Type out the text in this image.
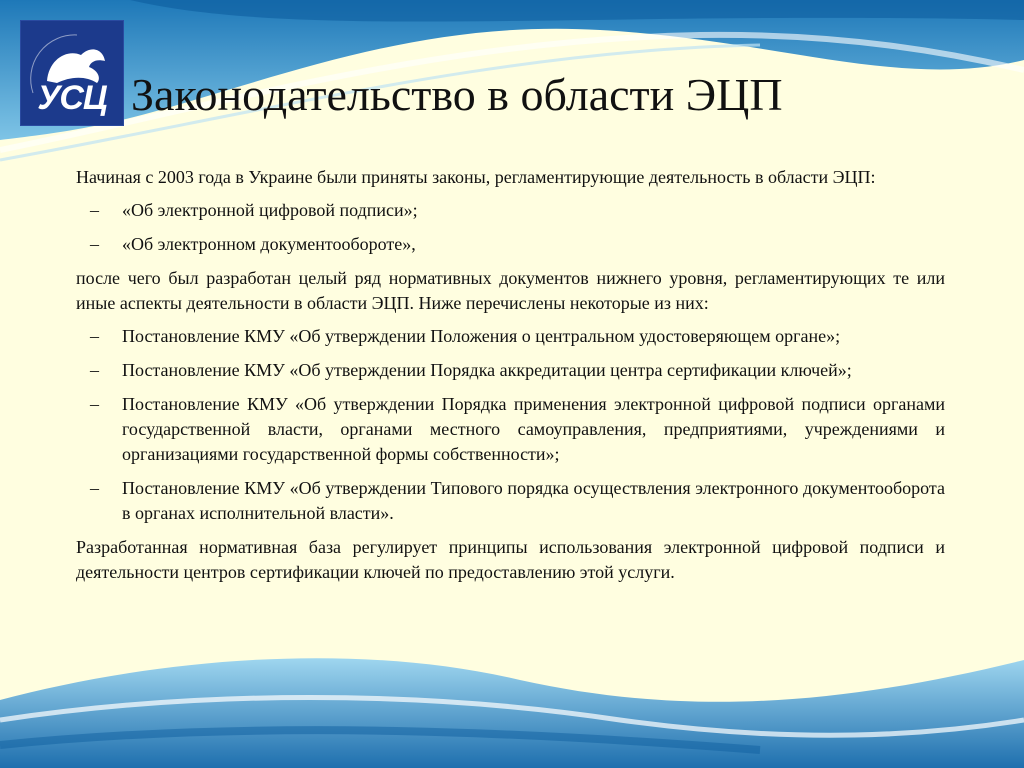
УСЦ Законодательство в области ЭЦП

Начиная с 2003 года в Украине были приняты законы, регламентирующие деятельность в области ЭЦП:

– «Об электронной цифровой подписи»;
– «Об электронном документообороте»,

после чего был разработан целый ряд нормативных документов нижнего уровня, регламентирующих те или иные аспекты деятельности в области ЭЦП. Ниже перечислены некоторые из них:

– Постановление КМУ «Об утверждении Положения о центральном удостоверяющем органе»;
– Постановление КМУ «Об утверждении Порядка аккредитации центра сертификации ключей»;
– Постановление КМУ «Об утверждении Порядка применения электронной цифровой подписи органами государственной власти, органами местного самоуправления, предприятиями, учреждениями и организациями государственной формы собственности»;
– Постановление КМУ «Об утверждении Типового порядка осуществления электронного документооборота в органах исполнительной власти».

Разработанная нормативная база регулирует принципы использования электронной цифровой подписи и деятельности центров сертификации ключей по предоставлению этой услуги.
